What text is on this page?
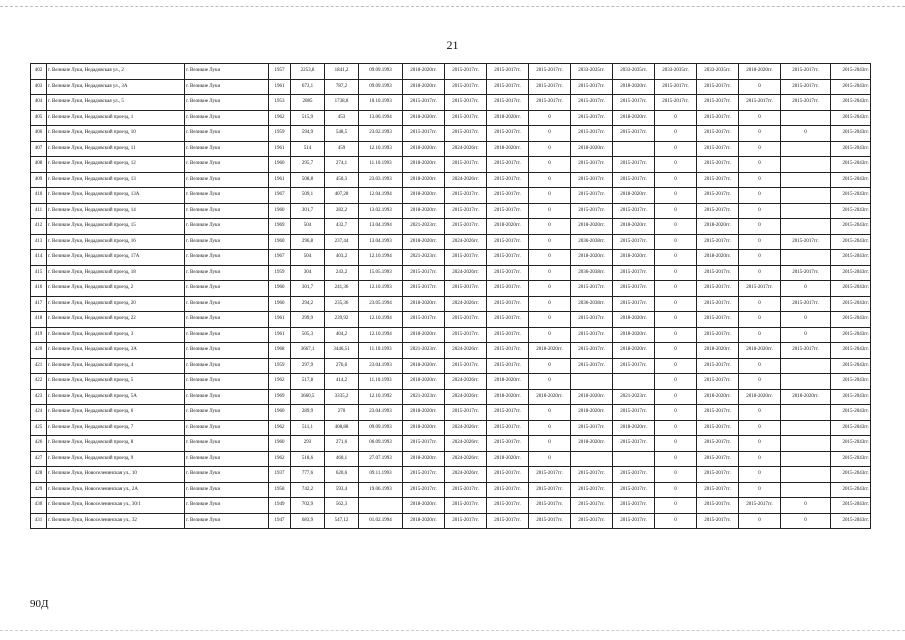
21
402	г. Великие Луки, Недадовская ул., 2	г. Великие Луки	1957	2253,8	1841,2	09.09.1993	2018-2020гг.	2015-2017гг.	2015-2017гг.	2015-2017гг.	2033-2035гг.	2033-2035гг.	2033-2035гг.	2033-2035гг.	2018-2020гг.	2015-2017гг.	2015-2043гг.
403	г. Великие Луки, Недадовская ул., 3А	г. Великие Луки	1961	673,1	787,2	09.09.1993	2018-2020гг.	2015-2017гг.	2015-2017гг.	2015-2017гг.	2015-2017гг.	2018-2020гг.	2015-2017гг.	2015-2017гг.	0	2015-2017гг.	2015-2043гг.
404	г. Великие Луки, Недадовская ул., 5	г. Великие Луки	1953	2085	1738,8	10.10.1993	2015-2017гг.	2015-2017гг.	2015-2017гг.	2015-2017гг.	2015-2017гг.	2015-2017гг.	2015-2017гг.	2015-2017гг.	2015-2017гг.	2015-2017гг.	2015-2043гг.
405	г. Великие Луки, Недадовский проезд, 1	г. Великие Луки	1962	515,9	453	13.06.1994	2018-2020гг.	2015-2017гг.	2018-2020гг.	0	2015-2017гг.	2018-2020гг.	0	2015-2017гг.	0		2015-2043гг.
406	г. Великие Луки, Недадовский проезд, 10	г. Великие Луки	1959	594,9	548,5	23.02.1993	2015-2017гг.	2015-2017гг.	2015-2017гг.	0	2015-2017гг.	2015-2017гг.	0	2015-2017гг.	0	0	2015-2043гг.
407	г. Великие Луки, Недадовский проезд, 11	г. Великие Луки	1961	514	459	12.10.1993	2018-2020гг.	2024-2026гг.	2018-2020гг.	0	2018-2020гг.		0	2015-2017гг.	0		2015-2043гг.
408	г. Великие Луки, Недадовский проезд, 12	г. Великие Луки	1960	295,7	274,1	11.10.1993	2018-2020гг.	2015-2017гг.	2015-2017гг.	0	2015-2017гг.	2015-2017гг.	0	2015-2017гг.	0		2015-2043гг.
409	г. Великие Луки, Недадовский проезд, 13	г. Великие Луки	1961	508,8	450,3	23.03.1993	2018-2020гг.	2024-2026гг.	2015-2017гг.	0	2015-2017гг.	2015-2017гг.	0	2015-2017гг.	0		2015-2043гг.
410	г. Великие Луки, Недадовский проезд, 13А	г. Великие Луки	1967	509,1	407,28	12.04.1994	2018-2020гг.	2015-2017гг.	2015-2017гг.	0	2015-2017гг.	2018-2020гг.	0	2015-2017гг.	0		2015-2043гг.
411	г. Великие Луки, Недадовский проезд, 14	г. Великие Луки	1960	301,7	282,2	13.02.1993	2018-2020гг.	2015-2017гг.	2015-2017гг.	0	2015-2017гг.	2015-2017гг.	0	2015-2017гг.	0		2015-2043гг.
412	г. Великие Луки, Недадовский проезд, 15	г. Великие Луки	1969	504	432,7	13.04.1994	2021-2023гг.	2015-2017гг.	2018-2020гг.	0	2018-2020гг.	2018-2020гг.	0	2018-2020гг.	0		2015-2043гг.
413	г. Великие Луки, Недадовский проезд, 16	г. Великие Луки	1960	296,8	237,44	13.04.1993	2018-2020гг.	2024-2026гг.	2015-2017гг.	0	2036-2038гг.	2015-2017гг.	0	2015-2017гг.	0	2015-2017гг.	2015-2043гг.
414	г. Великие Луки, Недадовский проезд, 17А	г. Великие Луки	1967	504	403,2	12.10.1994	2021-2023гг.	2015-2017гг.	2015-2017гг.	0	2018-2020гг.	2018-2020гг.	0	2018-2020гг.	0		2015-2043гг.
415	г. Великие Луки, Недадовский проезд, 18	г. Великие Луки	1959	304	243,2	15.05.1993	2015-2017гг.	2024-2026гг.	2015-2017гг.	0	2036-2038гг.	2015-2017гг.	0	2015-2017гг.	0	2015-2017гг.	2015-2043гг.
416	г. Великие Луки, Недадовский проезд, 2	г. Великие Луки	1960	301,7	241,36	12.10.1993	2015-2017гг.	2015-2017гг.	2015-2017гг.	0	2015-2017гг.	2015-2017гг.	0	2015-2017гг.	2015-2017гг.	0	2015-2043гг.
417	г. Великие Луки, Недадовский проезд, 20	г. Великие Луки	1960	294,2	235,36	23.05.1994	2018-2020гг.	2024-2026гг.	2015-2017гг.	0	2036-2038гг.	2015-2017гг.	0	2015-2017гг.	0	2015-2017гг.	2015-2043гг.
418	г. Великие Луки, Недадовский проезд, 22	г. Великие Луки	1961	299,9	239,92	12.10.1994	2015-2017гг.	2015-2017гг.	2015-2017гг.	0	2015-2017гг.	2018-2020гг.	0	2015-2017гг.	0	0	2015-2043гг.
419	г. Великие Луки, Недадовский проезд, 3	г. Великие Луки	1961	505,3	404,2	12.10.1994	2018-2020гг.	2015-2017гг.	2015-2017гг.	0	2015-2017гг.	2018-2020гг.	0	2015-2017гг.	0	0	2015-2043гг.
420	г. Великие Луки, Недадовский проезд, 3А	г. Великие Луки	1968	3667,1	3446,51	11.10.1993	2021-2023гг.	2024-2026гг.	2015-2017гг.	2018-2020гг.	2015-2017гг.	2018-2020гг.	0	2018-2020гг.	2018-2020гг.	2015-2017гг.	2015-2043гг.
421	г. Великие Луки, Недадовский проезд, 4	г. Великие Луки	1959	297,9	276,6	23.04.1993	2018-2020гг.	2015-2017гг.	2015-2017гг.	0	2015-2017гг.	2015-2017гг.	0	2015-2017гг.	0		2015-2043гг.
422	г. Великие Луки, Недадовский проезд, 5	г. Великие Луки	1962	517,8	414,2	11.10.1993	2018-2020гг.	2024-2026гг.	2018-2020гг.	0			0	2015-2017гг.	0		2015-2043гг.
423	г. Великие Луки, Недадовский проезд, 5А	г. Великие Луки	1969	3660,5	3335,2	12.10.1992	2021-2023гг.	2024-2026гг.	2018-2020гг.	2018-2020гг.	2018-2020гг.	2021-2023гг.	0	2018-2020гг.	2018-2020гг.	2018-2020гг.	2015-2043гг.
424	г. Великие Луки, Недадовский проезд, 6	г. Великие Луки	1960	289,9	270	23.04.1993	2018-2020гг.	2015-2017гг.	2015-2017гг.	0	2018-2020гг.	2015-2017гг.	0	2015-2017гг.	0		2015-2043гг.
425	г. Великие Луки, Недадовский проезд, 7	г. Великие Луки	1962	511,1	408,88	09.09.1993	2018-2020гг.	2024-2026гг.	2015-2017гг.	0	2015-2017гг.	2018-2020гг.	0	2015-2017гг.	0		2015-2043гг.
426	г. Великие Луки, Недадовский проезд, 8	г. Великие Луки	1960	293	271,6	06.09.1993	2015-2017гг.	2024-2026гг.	2015-2017гг.	0	2018-2020гг.	2015-2017гг.	0	2015-2017гг.	0		2015-2043гг.
427	г. Великие Луки, Недадовский проезд, 9	г. Великие Луки	1962	518,6	460,1	27.07.1993	2018-2020гг.	2024-2026гг.	2018-2020гг.	0			0	2015-2017гг.	0		2015-2043гг.
428	г. Великие Луки, Новоселенинская ул., 10	г. Великие Луки	1937	777,6	620,6	09.11.1993	2015-2017гг.	2024-2026гг.	2015-2017гг.	2015-2017гг.	2015-2017гг.	2015-2017гг.	0	2015-2017гг.	0		2015-2043гг.
429	г. Великие Луки, Новоселенинская ул., 2А	г. Великие Луки	1958	742,2	593,4	19.06.1993	2015-2017гг.	2015-2017гг.	2015-2017гг.	2015-2017гг.	2015-2017гг.	2015-2017гг.	0	2015-2017гг.	0		2015-2043гг.
430	г. Великие Луки, Новоселенинская ул., 30/1	г. Великие Луки	1949	702,9	562,3		2018-2020гг.	2015-2017гг.	2015-2017гг.	2015-2017гг.	2015-2017гг.	2015-2017гг.	0	2015-2017гг.	2015-2017гг.	0	2015-2043гг.
431	г. Великие Луки, Новоселенинская ул., 32	г. Великие Луки	1947	683,9	547,12	01.02.1994	2018-2020гг.	2015-2017гг.	2015-2017гг.	2015-2017гг.	2015-2017гг.	2015-2017гг.	0	2015-2017гг.	0	0	2015-2043гг.
90Д
